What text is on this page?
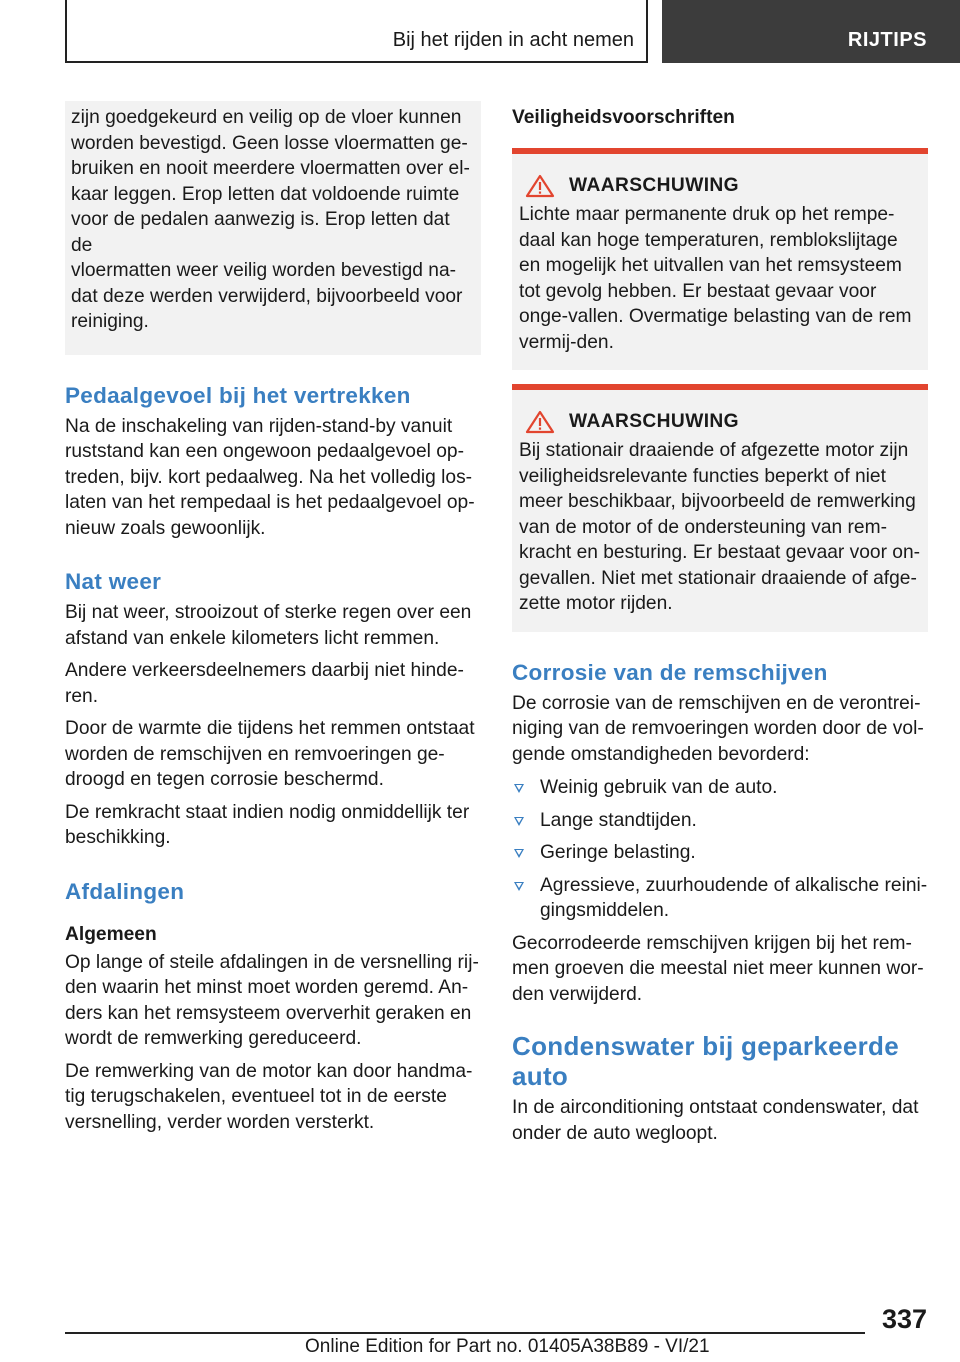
Bij het rijden in acht nemen	RIJTIPS

zijn goedgekeurd en veilig op de vloer kunnen

worden bevestigd. Geen losse vloermatten ge-

bruiken en nooit meerdere vloermatten over el-

kaar leggen. Erop letten dat voldoende ruimte

voor de pedalen aanwezig is. Erop letten dat de

vloermatten weer veilig worden bevestigd na-

dat deze werden verwijderd, bijvoorbeeld voor

reiniging.

Pedaalgevoel bij het vertrekken

Na de inschakeling van rijden-stand-by vanuit ruststand kan een ongewoon pedaalgevoel op-treden, bijv. kort pedaalweg. Na het volledig los-laten van het rempedaal is het pedaalgevoel op-nieuw zoals gewoonlijk.

Nat weer

Bij nat weer, strooizout of sterke regen over een afstand van enkele kilometers licht remmen.

Andere verkeersdeelnemers daarbij niet hinde-ren.

Door de warmte die tijdens het remmen ontstaat worden de remschijven en remvoeringen ge-droogd en tegen corrosie beschermd.

De remkracht staat indien nodig onmiddellijk ter beschikking.

Afdalingen
Algemeen

Op lange of steile afdalingen in de versnelling rij-den waarin het minst moet worden geremd. An-ders kan het remsysteem oververhit geraken en wordt de remwerking gereduceerd.

De remwerking van de motor kan door handma-tig terugschakelen, eventueel tot in de eerste versnelling, verder worden versterkt.

Veiligheidsvoorschriften
WAARSCHUWING

Lichte maar permanente druk op het rempe-daal kan hoge temperaturen, remblokslijtage en mogelijk het uitvallen van het remsysteem tot gevolg hebben. Er bestaat gevaar voor onge-vallen. Overmatige belasting van de rem vermij-den.

WAARSCHUWING

Bij stationair draaiende of afgezette motor zijn veiligheidsrelevante functies beperkt of niet meer beschikbaar, bijvoorbeeld de remwerking van de motor of de ondersteuning van rem-kracht en besturing. Er bestaat gevaar voor on-gevallen. Niet met stationair draaiende of afge-zette motor rijden.

Corrosie van de remschijven

De corrosie van de remschijven en de verontrei-niging van de remvoeringen worden door de vol-gende omstandigheden bevorderd:

Weinig gebruik van de auto.
Lange standtijden.
Geringe belasting.
Agressieve, zuurhoudende of alkalische reini-gingsmiddelen.

Gecorrodeerde remschijven krijgen bij het rem-men groeven die meestal niet meer kunnen wor-den verwijderd.

Condenswater bij geparkeerde auto

In de airconditioning ontstaat condenswater, dat onder de auto wegloopt.

337
Online Edition for Part no. 01405A38B89 - VI/21
